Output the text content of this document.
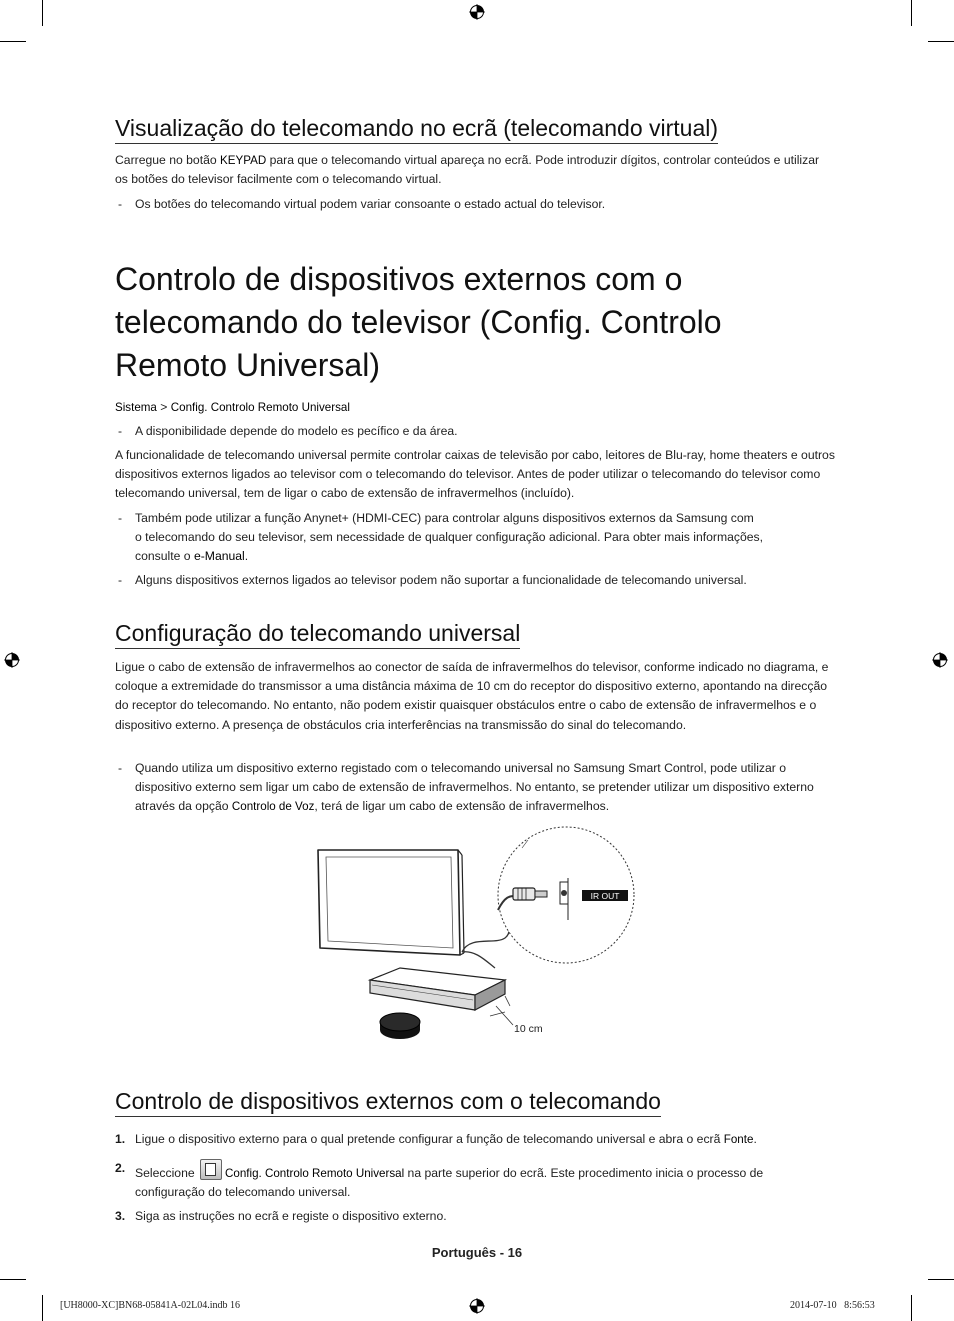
Visualização do telecomando no ecrã (telecomando virtual)

Carregue no botão KEYPAD para que o telecomando virtual apareça no ecrã. Pode introduzir dígitos, controlar conteúdos e utilizar os botões do televisor facilmente com o telecomando virtual.

- Os botões do telecomando virtual podem variar consoante o estado actual do televisor.

Controlo de dispositivos externos com o
telecomando do televisor (Config. Controlo
Remoto Universal)

Sistema > Config. Controlo Remoto Universal

- A disponibilidade depende do modelo es pecífico e da área.

A funcionalidade de telecomando universal permite controlar caixas de televisão por cabo, leitores de Blu-ray, home theaters e outros dispositivos externos ligados ao televisor com o telecomando do televisor. Antes de poder utilizar o telecomando do televisor como telecomando universal, tem de ligar o cabo de extensão de infravermelhos (incluído).

- Também pode utilizar a função Anynet+ (HDMI-CEC) para controlar alguns dispositivos externos da Samsung com
o telecomando do seu televisor, sem necessidade de qualquer configuração adicional. Para obter mais informações,
consulte o e-Manual.

- Alguns dispositivos externos ligados ao televisor podem não suportar a funcionalidade de telecomando universal.

Configuração do telecomando universal

Ligue o cabo de extensão de infravermelhos ao conector de saída de infravermelhos do televisor, conforme indicado no diagrama, e coloque a extremidade do transmissor a uma distância máxima de 10 cm do receptor do dispositivo externo, apontando na direcção do receptor do telecomando. No entanto, não podem existir quaisquer obstáculos entre o cabo de extensão de infravermelhos e o dispositivo externo. A presença de obstáculos cria interferências na transmissão do sinal do telecomando.

- Quando utiliza um dispositivo externo registado com o telecomando universal no Samsung Smart Control, pode utilizar o dispositivo externo sem ligar um cabo de extensão de infravermelhos. No entanto, se pretender utilizar um dispositivo externo através da opção Controlo de Voz, terá de ligar um cabo de extensão de infravermelhos.

IR OUT
10 cm
Controlo de dispositivos externos com o telecomando
1. Ligue o dispositivo externo para o qual pretende configurar a função de telecomando universal e abra o ecrã Fonte.

2. Seleccione
Config. Controlo Remoto Universal na parte superior do ecrã. Este procedimento inicia o processo de configuração do telecomando universal.

3. Siga as instruções no ecrã e registe o dispositivo externo.

Português - 16
[UH8000-XC]BN68-05841A-02L04.indb 16	2014-07-10   8:56:53
